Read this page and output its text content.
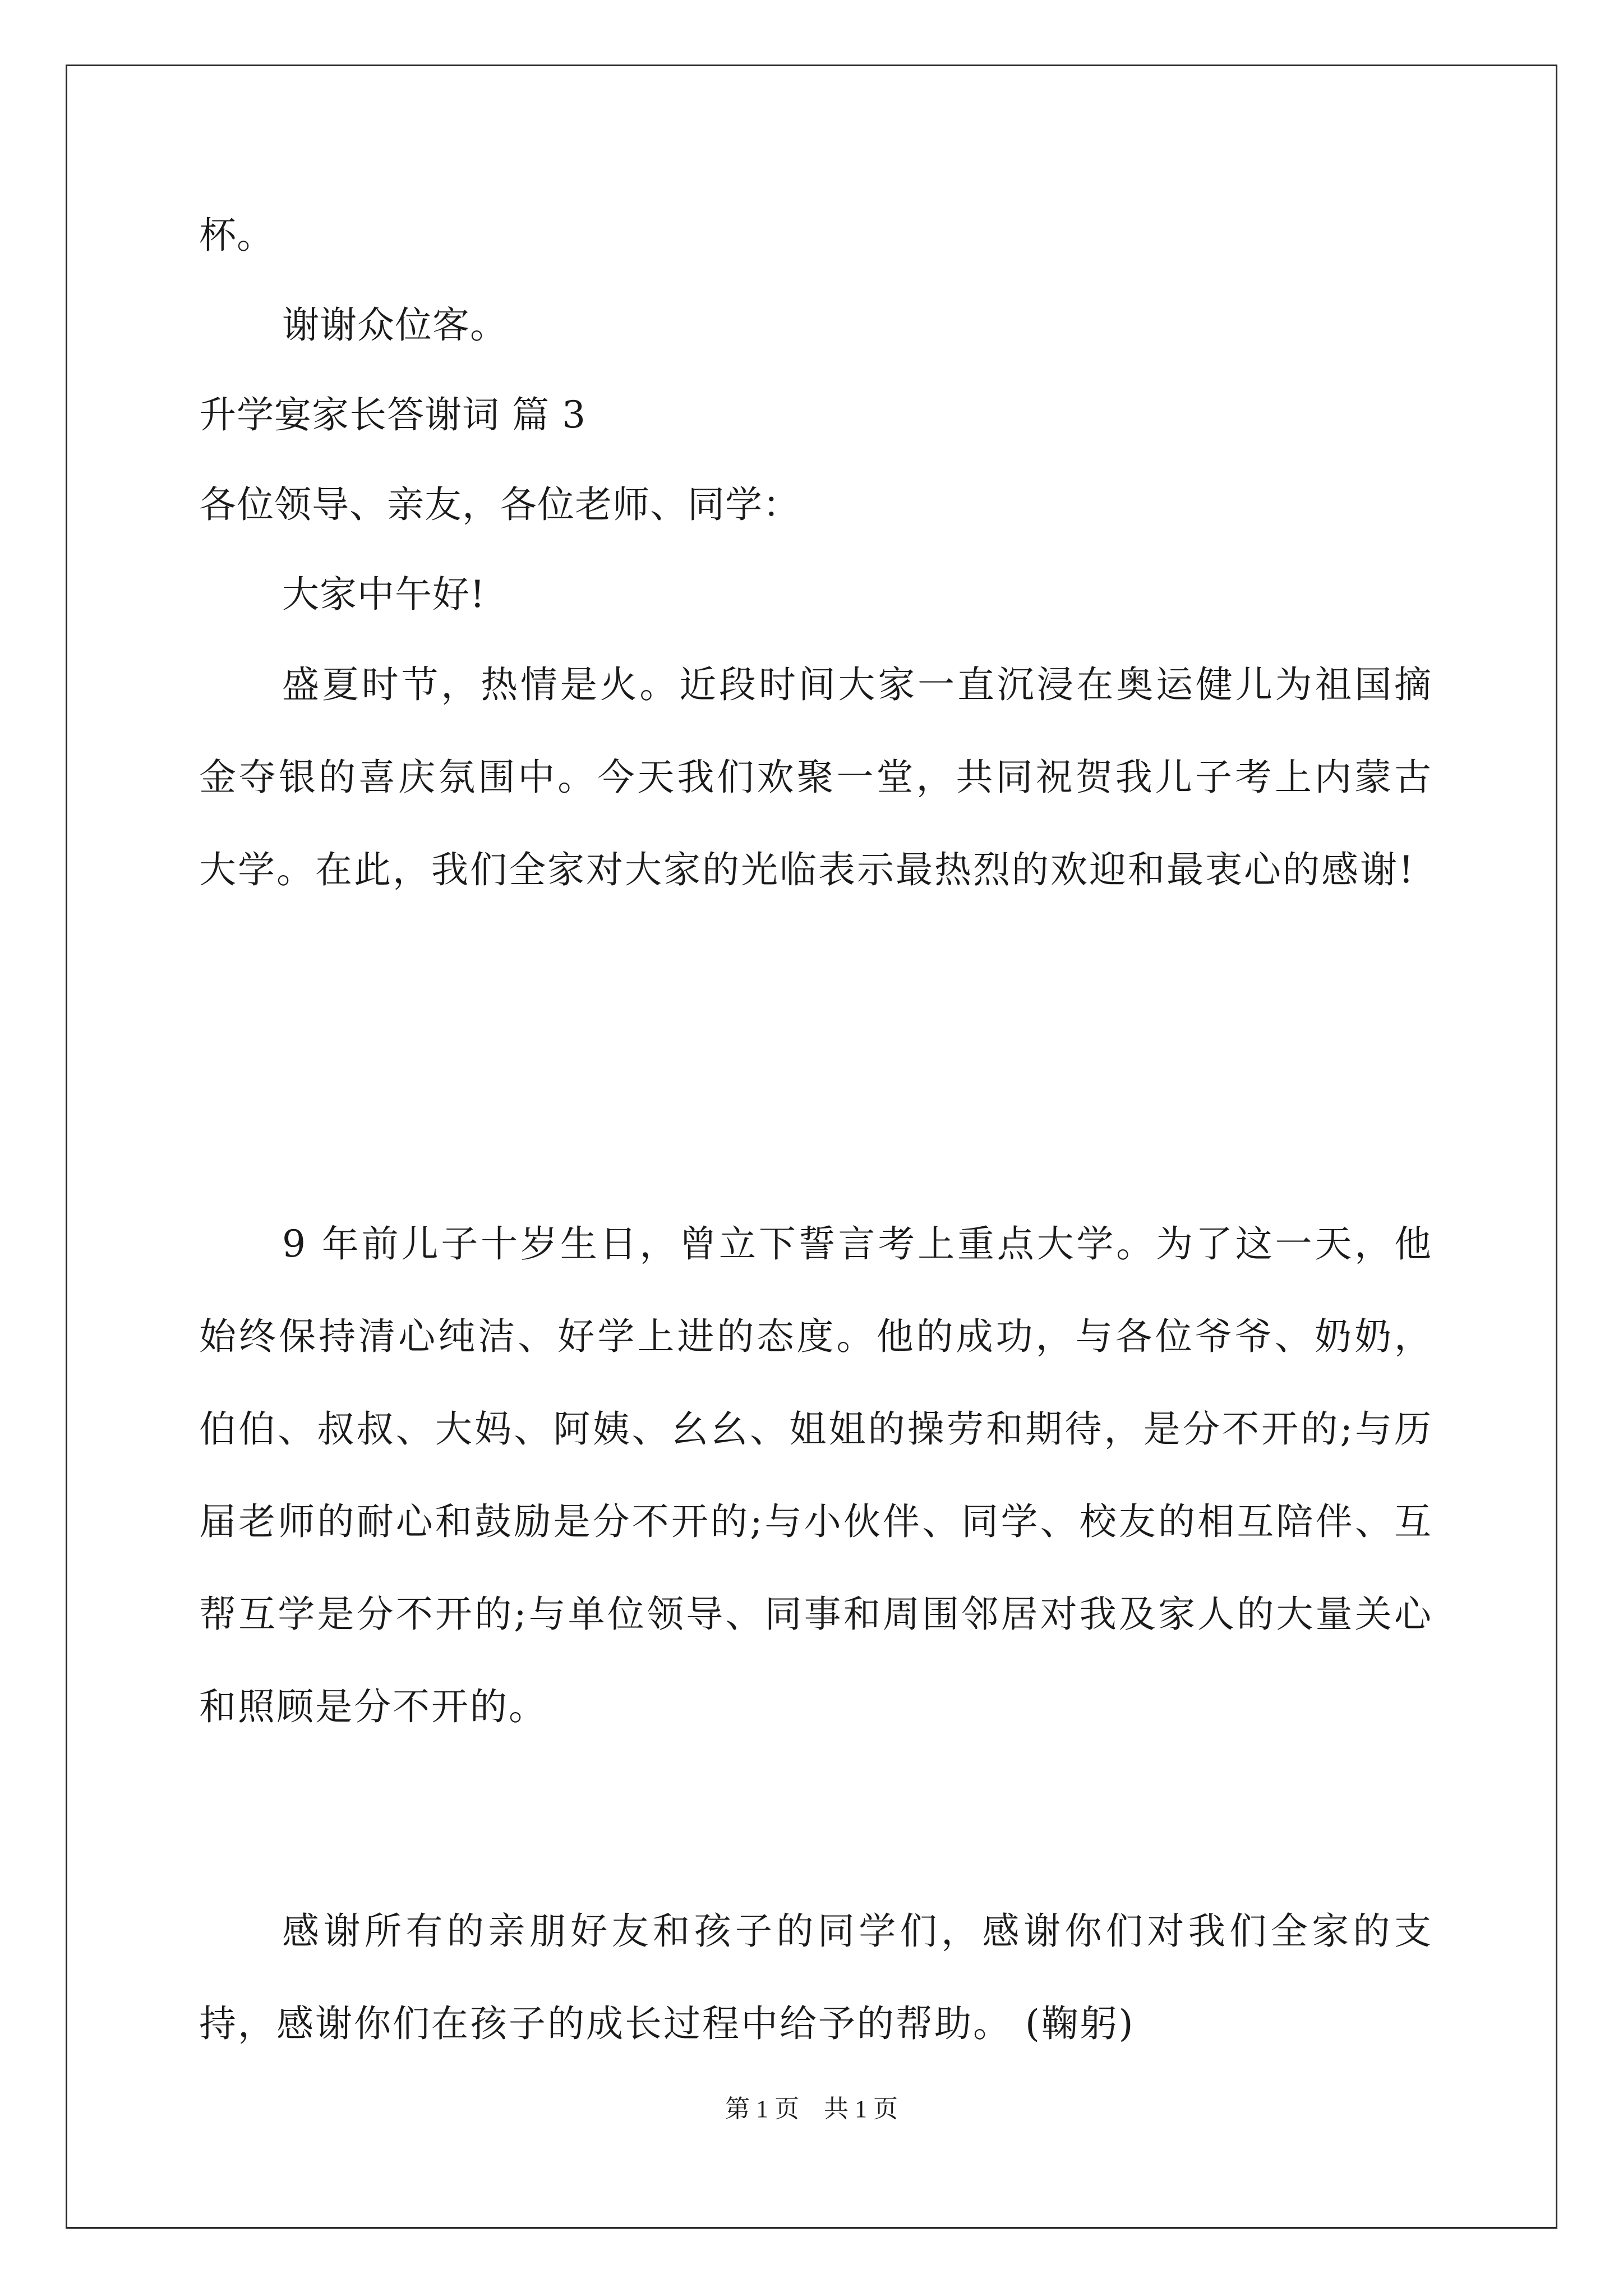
杯。
谢谢众位客。
升学宴家长答谢词 篇 3
各位领导、亲友，各位老师、同学：
大家中午好!
盛夏时节，热情是火。近段时间大家一直沉浸在奥运健儿为祖国摘金夺银的喜庆氛围中。今天我们欢聚一堂，共同祝贺我儿子考上内蒙古大学。在此，我们全家对大家的光临表示最热烈的欢迎和最衷心的感谢!
9 年前儿子十岁生日，曾立下誓言考上重点大学。为了这一天，他始终保持清心纯洁、好学上进的态度。他的成功，与各位爷爷、奶奶，伯伯、叔叔、大妈、阿姨、幺幺、姐姐的操劳和期待，是分不开的;与历届老师的耐心和鼓励是分不开的;与小伙伴、同学、校友的相互陪伴、互帮互学是分不开的;与单位领导、同事和周围邻居对我及家人的大量关心和照顾是分不开的。
感谢所有的亲朋好友和孩子的同学们，感谢你们对我们全家的支持，感谢你们在孩子的成长过程中给予的帮助。 (鞠躬)
第 1 页　共 1 页
